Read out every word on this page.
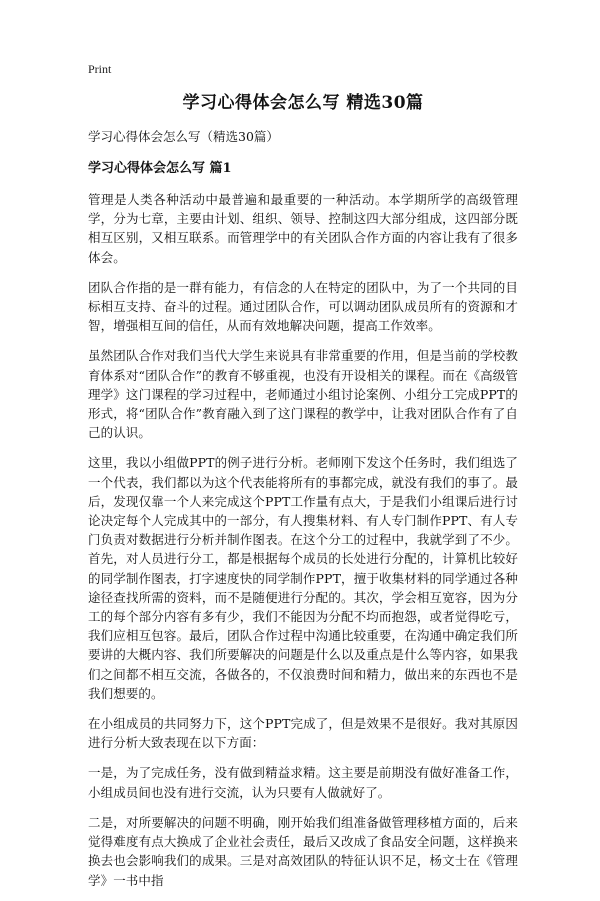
Print
学习心得体会怎么写 精选30篇
学习心得体会怎么写（精选30篇）
学习心得体会怎么写 篇1

管理是人类各种活动中最普遍和最重要的一种活动。本学期所学的高级管理学，分为七章，主要由计划、组织、领导、控制这四大部分组成，这四部分既相互区别，又相互联系。而管理学中的有关团队合作方面的内容让我有了很多体会。

团队合作指的是一群有能力，有信念的人在特定的团队中，为了一个共同的目标相互支持、奋斗的过程。通过团队合作，可以调动团队成员所有的资源和才智，增强相互间的信任，从而有效地解决问题，提高工作效率。

虽然团队合作对我们当代大学生来说具有非常重要的作用，但是当前的学校教育体系对“团队合作”的教育不够重视，也没有开设相关的课程。而在《高级管理学》这门课程的学习过程中，老师通过小组讨论案例、小组分工完成PPT的形式，将“团队合作”教育融入到了这门课程的教学中，让我对团队合作有了自己的认识。

这里，我以小组做PPT的例子进行分析。老师刚下发这个任务时，我们组选了一个代表，我们都以为这个代表能将所有的事都完成，就没有我们的事了。最后，发现仅靠一个人来完成这个PPT工作量有点大，于是我们小组课后进行讨论决定每个人完成其中的一部分，有人搜集材料、有人专门制作PPT、有人专门负责对数据进行分析并制作图表。在这个分工的过程中，我就学到了不少。首先，对人员进行分工，都是根据每个成员的长处进行分配的，计算机比较好的同学制作图表，打字速度快的同学制作PPT，擅于收集材料的同学通过各种途径查找所需的资料，而不是随便进行分配的。其次，学会相互宽容，因为分工的每个部分内容有多有少，我们不能因为分配不均而抱怨，或者觉得吃亏，我们应相互包容。最后，团队合作过程中沟通比较重要，在沟通中确定我们所要讲的大概内容、我们所要解决的问题是什么以及重点是什么等内容，如果我们之间都不相互交流，各做各的，不仅浪费时间和精力，做出来的东西也不是我们想要的。

在小组成员的共同努力下，这个PPT完成了，但是效果不是很好。我对其原因进行分析大致表现在以下方面：

一是，为了完成任务，没有做到精益求精。这主要是前期没有做好准备工作，小组成员间也没有进行交流，认为只要有人做就好了。

二是，对所要解决的问题不明确，刚开始我们组准备做管理移植方面的，后来觉得难度有点大换成了企业社会责任，最后又改成了食品安全问题，这样换来换去也会影响我们的成果。三是对高效团队的特征认识不足，杨文士在《管理学》一书中指
